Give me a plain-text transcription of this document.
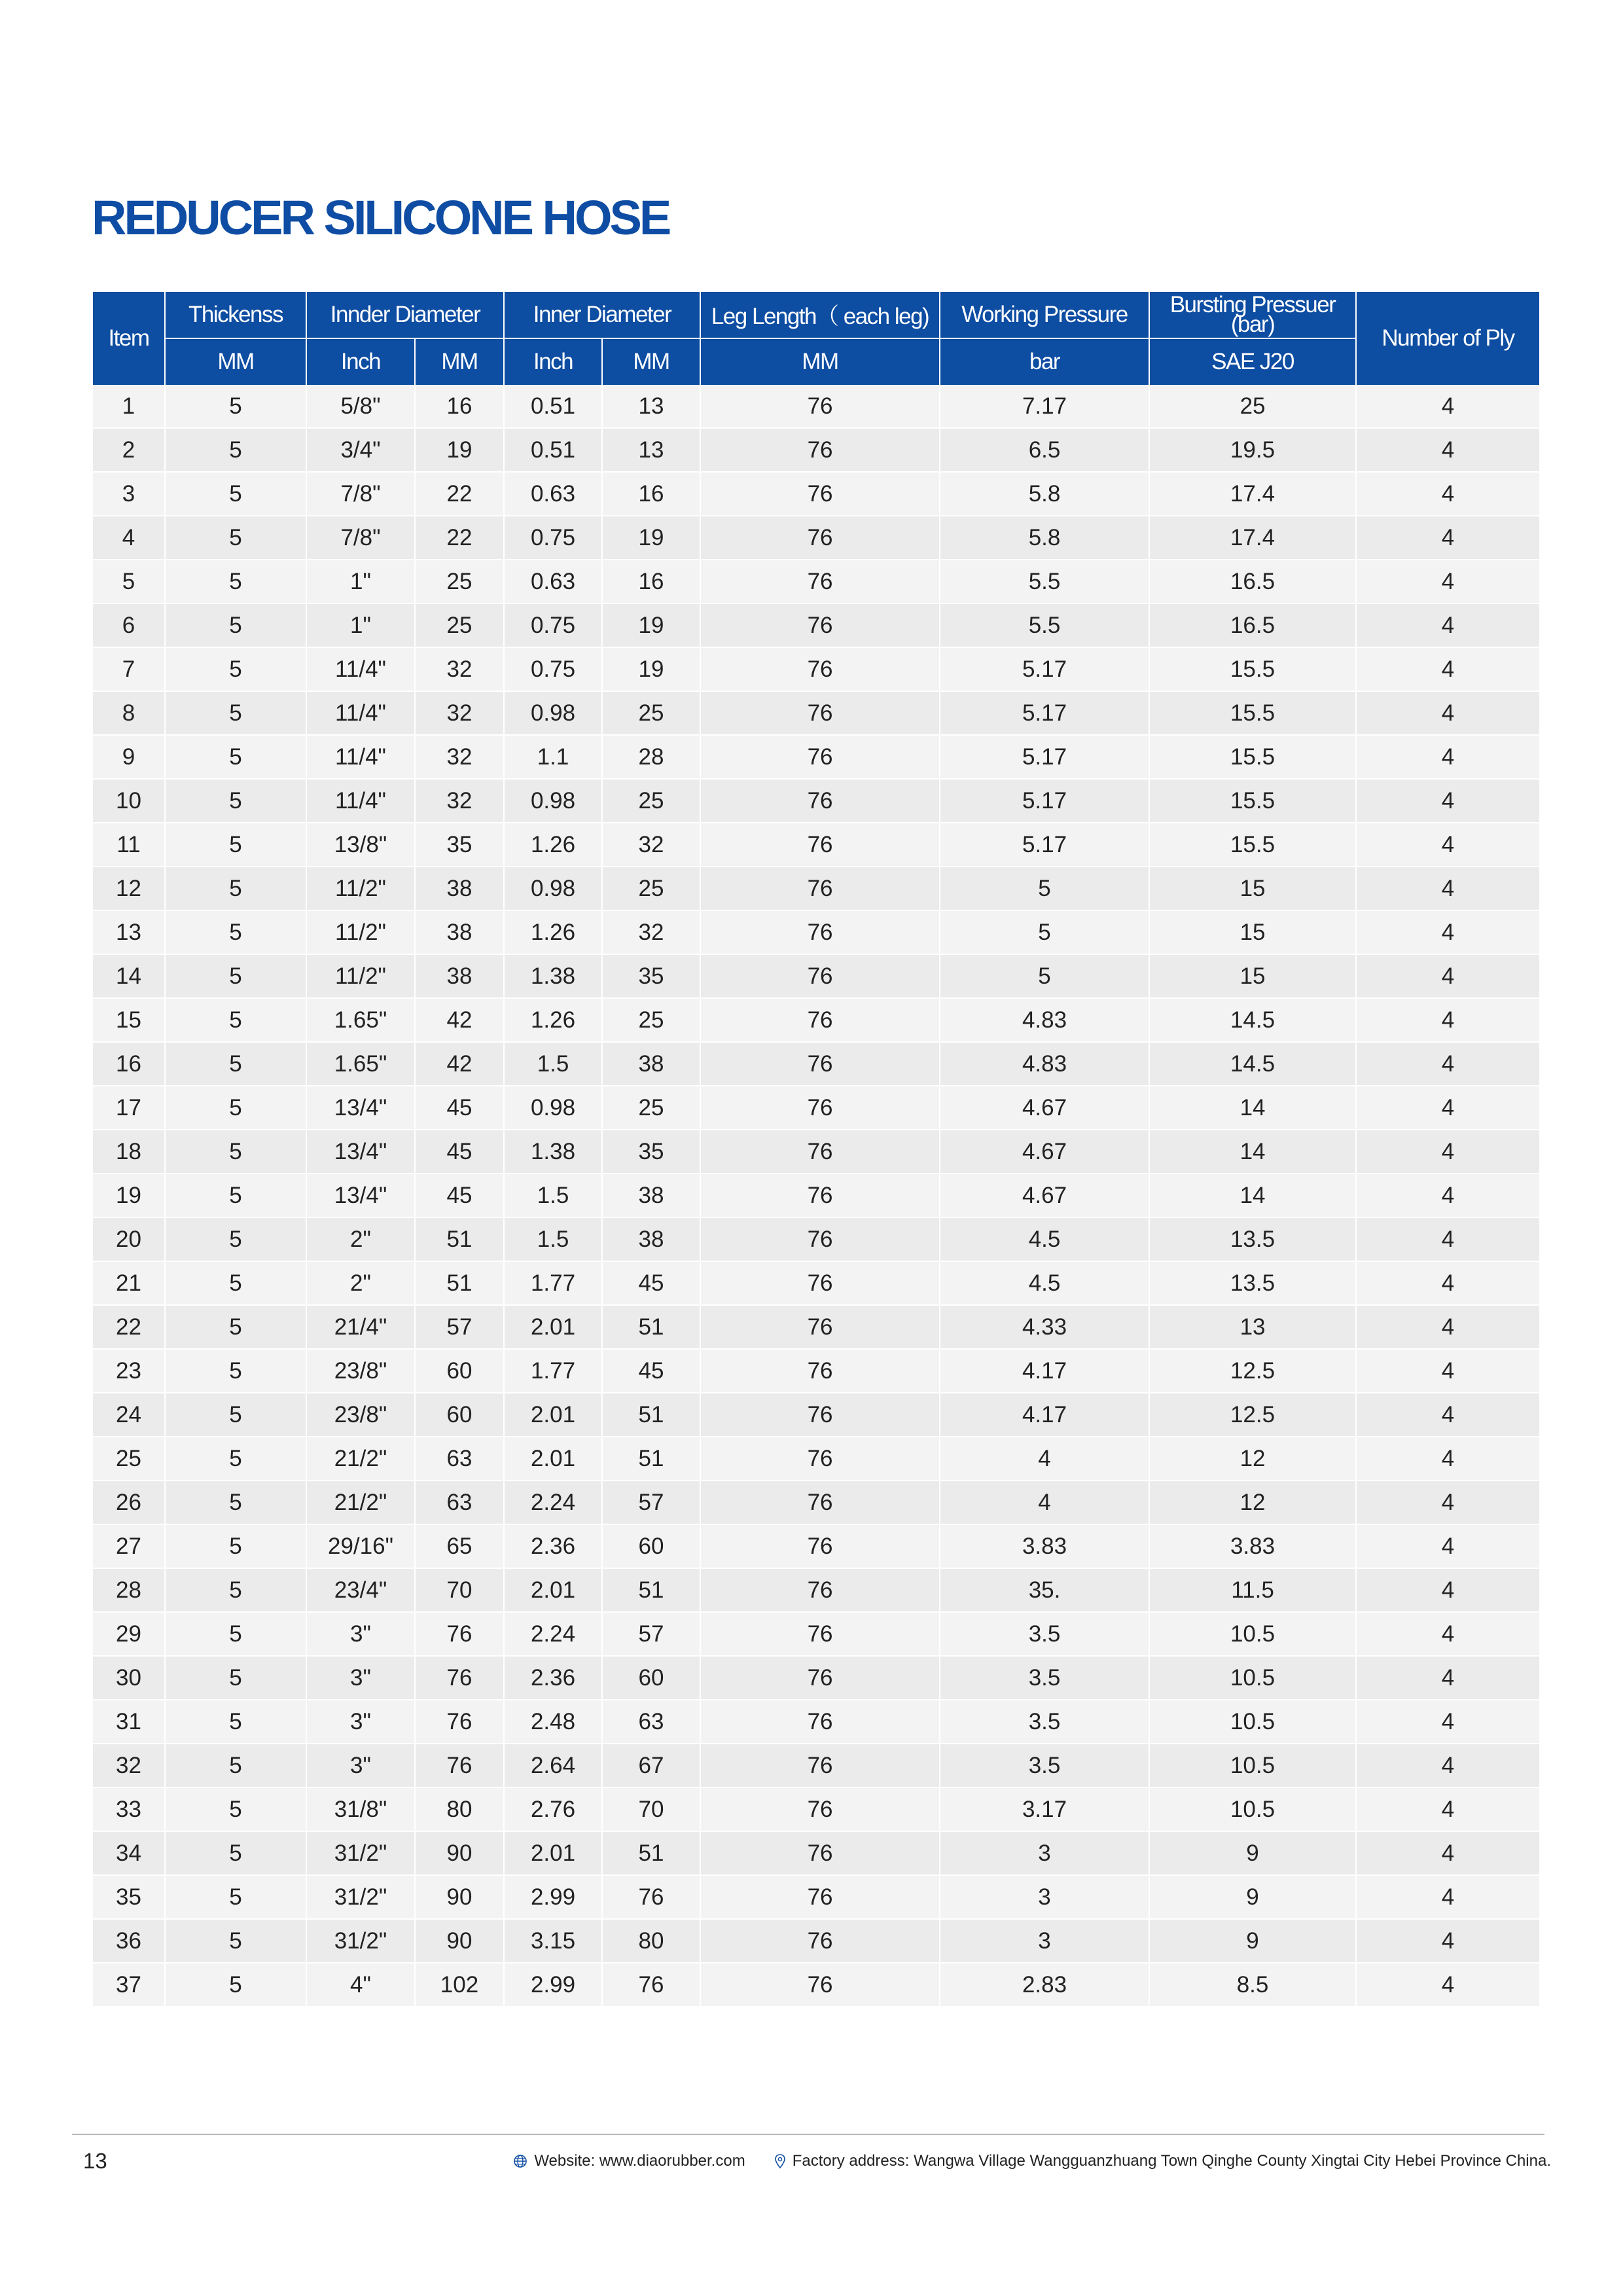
REDUCER SILICONE HOSE
Item	Thickenss	Innder Diameter		Inner Diameter		Leg Length（ each leg)	Working Pressure	Bursting Pressuer (bar)	Number of Ply
	MM	Inch	MM	Inch	MM	MM	bar	SAE J20	
1	5	5/8"	16	0.51	13	76	7.17	25	4
2	5	3/4"	19	0.51	13	76	6.5	19.5	4
3	5	7/8"	22	0.63	16	76	5.8	17.4	4
4	5	7/8"	22	0.75	19	76	5.8	17.4	4
5	5	1"	25	0.63	16	76	5.5	16.5	4
6	5	1"	25	0.75	19	76	5.5	16.5	4
7	5	11/4"	32	0.75	19	76	5.17	15.5	4
8	5	11/4"	32	0.98	25	76	5.17	15.5	4
9	5	11/4"	32	1.1	28	76	5.17	15.5	4
10	5	11/4"	32	0.98	25	76	5.17	15.5	4
11	5	13/8"	35	1.26	32	76	5.17	15.5	4
12	5	11/2"	38	0.98	25	76	5	15	4
13	5	11/2"	38	1.26	32	76	5	15	4
14	5	11/2"	38	1.38	35	76	5	15	4
15	5	1.65"	42	1.26	25	76	4.83	14.5	4
16	5	1.65"	42	1.5	38	76	4.83	14.5	4
17	5	13/4"	45	0.98	25	76	4.67	14	4
18	5	13/4"	45	1.38	35	76	4.67	14	4
19	5	13/4"	45	1.5	38	76	4.67	14	4
20	5	2"	51	1.5	38	76	4.5	13.5	4
21	5	2"	51	1.77	45	76	4.5	13.5	4
22	5	21/4"	57	2.01	51	76	4.33	13	4
23	5	23/8"	60	1.77	45	76	4.17	12.5	4
24	5	23/8"	60	2.01	51	76	4.17	12.5	4
25	5	21/2"	63	2.01	51	76	4	12	4
26	5	21/2"	63	2.24	57	76	4	12	4
27	5	29/16"	65	2.36	60	76	3.83	3.83	4
28	5	23/4"	70	2.01	51	76	35.	11.5	4
29	5	3"	76	2.24	57	76	3.5	10.5	4
30	5	3"	76	2.36	60	76	3.5	10.5	4
31	5	3"	76	2.48	63	76	3.5	10.5	4
32	5	3"	76	2.64	67	76	3.5	10.5	4
33	5	31/8"	80	2.76	70	76	3.17	10.5	4
34	5	31/2"	90	2.01	51	76	3	9	4
35	5	31/2"	90	2.99	76	76	3	9	4
36	5	31/2"	90	3.15	80	76	3	9	4
37	5	4"	102	2.99	76	76	2.83	8.5	4
13	Website: www.diaorubber.com	Factory address: Wangwa Village Wangguanzhuang Town Qinghe County Xingtai City Hebei Province China.
